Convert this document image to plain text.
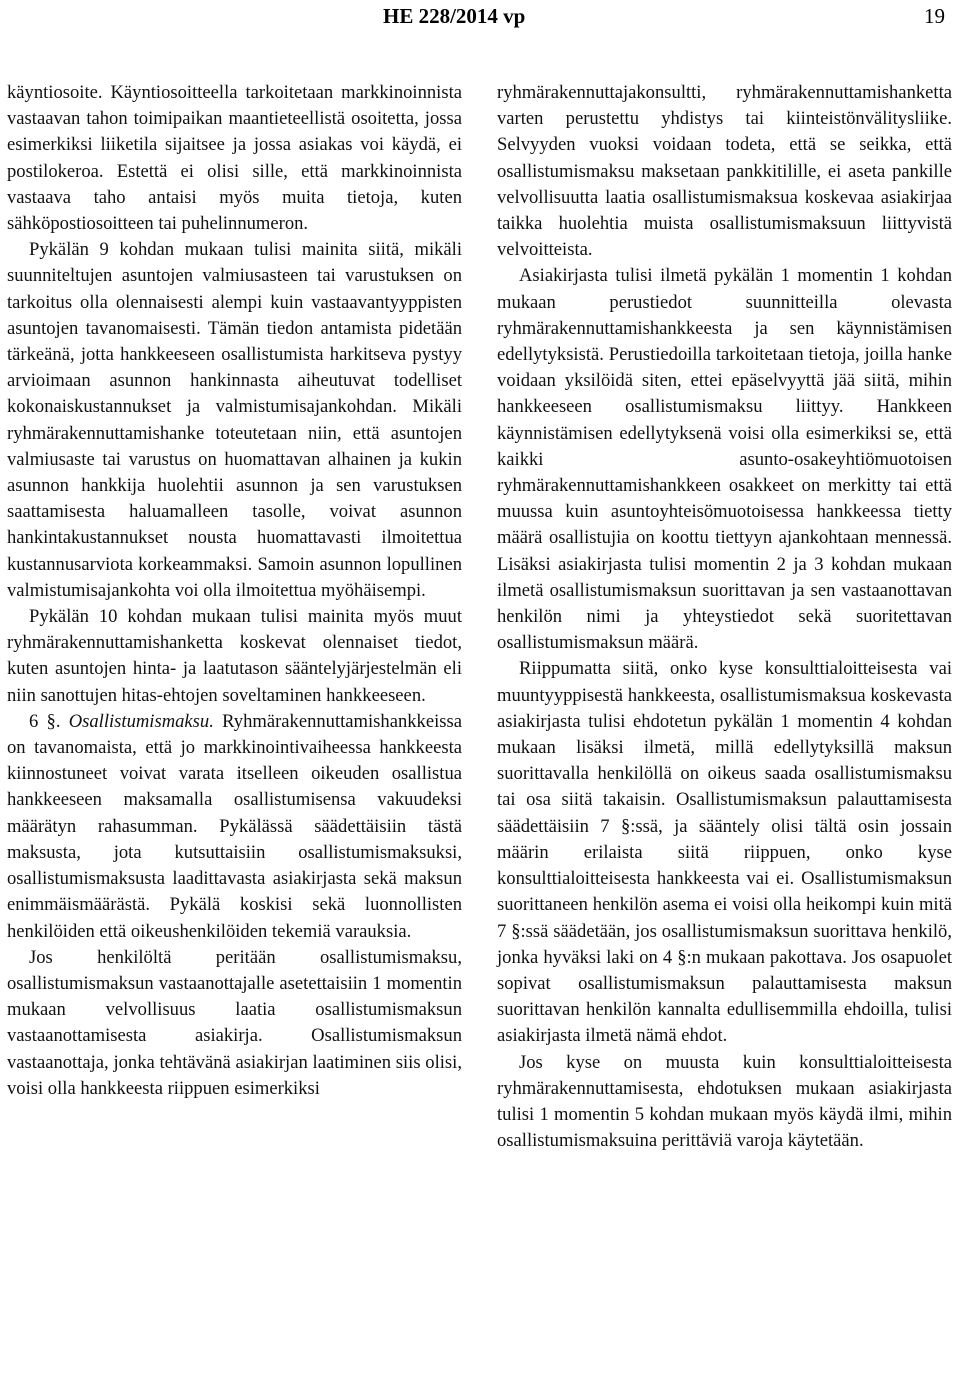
HE 228/2014 vp	19

käyntiosoite. Käyntiosoitteella tarkoitetaan markkinoinnista vastaavan tahon toimipaikan maantieteellistä osoitetta, jossa esimerkiksi liiketila sijaitsee ja jossa asiakas voi käydä, ei postilokeroa. Estettä ei olisi sille, että markkinoinnista vastaava taho antaisi myös muita tietoja, kuten sähköpostiosoitteen tai puhelinnumeron.

Pykälän 9 kohdan mukaan tulisi mainita siitä, mikäli suunniteltujen asuntojen valmiusasteen tai varustuksen on tarkoitus olla olennaisesti alempi kuin vastaavantyyppisten asuntojen tavanomaisesti. Tämän tiedon antamista pidetään tärkeänä, jotta hankkeeseen osallistumista harkitseva pystyy arvioimaan asunnon hankinnasta aiheutuvat todelliset kokonaiskustannukset ja valmistumisajankohdan. Mikäli ryhmärakennuttamishanke toteutetaan niin, että asuntojen valmiusaste tai varustus on huomattavan alhainen ja kukin asunnon hankkija huolehtii asunnon ja sen varustuksen saattamisesta haluamalleen tasolle, voivat asunnon hankintakustannukset nousta huomattavasti ilmoitettua kustannusarviota korkeammaksi. Samoin asunnon lopullinen valmistumisajankohta voi olla ilmoitettua myöhäisempi.

Pykälän 10 kohdan mukaan tulisi mainita myös muut ryhmärakennuttamishanketta koskevat olennaiset tiedot, kuten asuntojen hinta- ja laatutason sääntelyjärjestelmän eli niin sanottujen hitas-ehtojen soveltaminen hankkeeseen.

6 §. Osallistumismaksu. Ryhmärakennuttamishankkeissa on tavanomaista, että jo markkinointivaiheessa hankkeesta kiinnostuneet voivat varata itselleen oikeuden osallistua hankkeeseen maksamalla osallistumisensa vakuudeksi määrätyn rahasumman. Pykälässä säädettäisiin tästä maksusta, jota kutsuttaisiin osallistumismaksuksi, osallistumismaksusta laadittavasta asiakirjasta sekä maksun enimmäismäärästä. Pykälä koskisi sekä luonnollisten henkilöiden että oikeushenkilöiden tekemiä varauksia.

Jos henkilöltä peritään osallistumismaksu, osallistumismaksun vastaanottajalle asetettaisiin 1 momentin mukaan velvollisuus laatia osallistumismaksun vastaanottamisesta asiakirja. Osallistumismaksun vastaanottaja, jonka tehtävänä asiakirjan laatiminen siis olisi, voisi olla hankkeesta riippuen esimerkiksi

ryhmärakennuttajakonsultti, ryhmärakennuttamishanketta varten perustettu yhdistys tai kiinteistönvälitysliike. Selvyyden vuoksi voidaan todeta, että se seikka, että osallistumismaksu maksetaan pankkitilille, ei aseta pankille velvollisuutta laatia osallistumismaksua koskevaa asiakirjaa taikka huolehtia muista osallistumismaksuun liittyvistä velvoitteista.

Asiakirjasta tulisi ilmetä pykälän 1 momentin 1 kohdan mukaan perustiedot suunnitteilla olevasta ryhmärakennuttamishankkeesta ja sen käynnistämisen edellytyksistä. Perustiedoilla tarkoitetaan tietoja, joilla hanke voidaan yksilöidä siten, ettei epäselvyyttä jää siitä, mihin hankkeeseen osallistumismaksu liittyy. Hankkeen käynnistämisen edellytyksenä voisi olla esimerkiksi se, että kaikki asunto-osakeyhtiömuotoisen ryhmärakennuttamishankkeen osakkeet on merkitty tai että muussa kuin asuntoyhteisömuotoisessa hankkeessa tietty määrä osallistujia on koottu tiettyyn ajankohtaan mennessä. Lisäksi asiakirjasta tulisi momentin 2 ja 3 kohdan mukaan ilmetä osallistumismaksun suorittavan ja sen vastaanottavan henkilön nimi ja yhteystiedot sekä suoritettavan osallistumismaksun määrä.

Riippumatta siitä, onko kyse konsulttialoitteisesta vai muuntyyppisestä hankkeesta, osallistumismaksua koskevasta asiakirjasta tulisi ehdotetun pykälän 1 momentin 4 kohdan mukaan lisäksi ilmetä, millä edellytyksillä maksun suorittavalla henkilöllä on oikeus saada osallistumismaksu tai osa siitä takaisin. Osallistumismaksun palauttamisesta säädettäisiin 7 §:ssä, ja sääntely olisi tältä osin jossain määrin erilaista siitä riippuen, onko kyse konsulttialoitteisesta hankkeesta vai ei. Osallistumismaksun suorittaneen henkilön asema ei voisi olla heikompi kuin mitä 7 §:ssä säädetään, jos osallistumismaksun suorittava henkilö, jonka hyväksi laki on 4 §:n mukaan pakottava. Jos osapuolet sopivat osallistumismaksun palauttamisesta maksun suorittavan henkilön kannalta edullisemmilla ehdoilla, tulisi asiakirjasta ilmetä nämä ehdot.

Jos kyse on muusta kuin konsulttialoitteisesta ryhmärakennuttamisesta, ehdotuksen mukaan asiakirjasta tulisi 1 momentin 5 kohdan mukaan myös käydä ilmi, mihin osallistumismaksuina perittäviä varoja käytetään.
